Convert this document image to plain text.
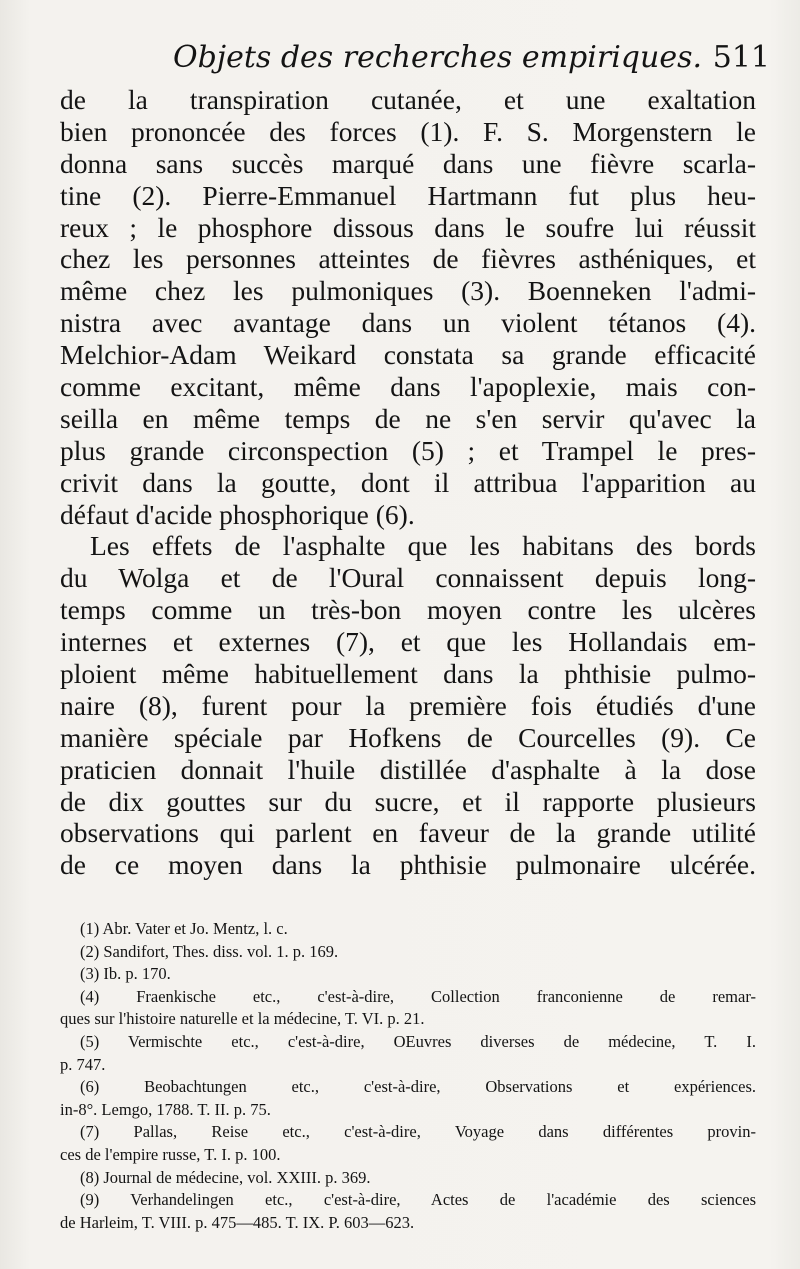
Objets des recherches empiriques. 511
de la transpiration cutanée, et une exaltation
bien prononcée des forces (1). F. S. Morgenstern le
donna sans succès marqué dans une fièvre scarla-
tine (2). Pierre-Emmanuel Hartmann fut plus heu-
reux ; le phosphore dissous dans le soufre lui réussit
chez les personnes atteintes de fièvres asthéniques, et
même chez les pulmoniques (3). Boenneken l'admi-
nistra avec avantage dans un violent tétanos (4).
Melchior-Adam Weikard constata sa grande efficacité
comme excitant, même dans l'apoplexie, mais con-
seilla en même temps de ne s'en servir qu'avec la
plus grande circonspection (5) ; et Trampel le pres-
crivit dans la goutte, dont il attribua l'apparition au
défaut d'acide phosphorique (6).
Les effets de l'asphalte que les habitans des bords
du Wolga et de l'Oural connaissent depuis long-
temps comme un très-bon moyen contre les ulcères
internes et externes (7), et que les Hollandais em-
ploient même habituellement dans la phthisie pulmo-
naire (8), furent pour la première fois étudiés d'une
manière spéciale par Hofkens de Courcelles (9). Ce
praticien donnait l'huile distillée d'asphalte à la dose
de dix gouttes sur du sucre, et il rapporte plusieurs
observations qui parlent en faveur de la grande utilité
de ce moyen dans la phthisie pulmonaire ulcérée.
(1) Abr. Vater et Jo. Mentz, l. c.
(2) Sandifort, Thes. diss. vol. 1. p. 169.
(3) Ib. p. 170.
(4) Fraenkische etc., c'est-à-dire, Collection franconienne de remar-
ques sur l'histoire naturelle et la médecine, T. VI. p. 21.
(5) Vermischte etc., c'est-à-dire, OEuvres diverses de médecine, T. I.
p. 747.
(6) Beobachtungen etc., c'est-à-dire, Observations et expériences.
in-8°. Lemgo, 1788. T. II. p. 75.
(7) Pallas, Reise etc., c'est-à-dire, Voyage dans différentes provin-
ces de l'empire russe, T. I. p. 100.
(8) Journal de médecine, vol. XXIII. p. 369.
(9) Verhandelingen etc., c'est-à-dire, Actes de l'académie des sciences
de Harleim, T. VIII. p. 475—485. T. IX. P. 603—623.
